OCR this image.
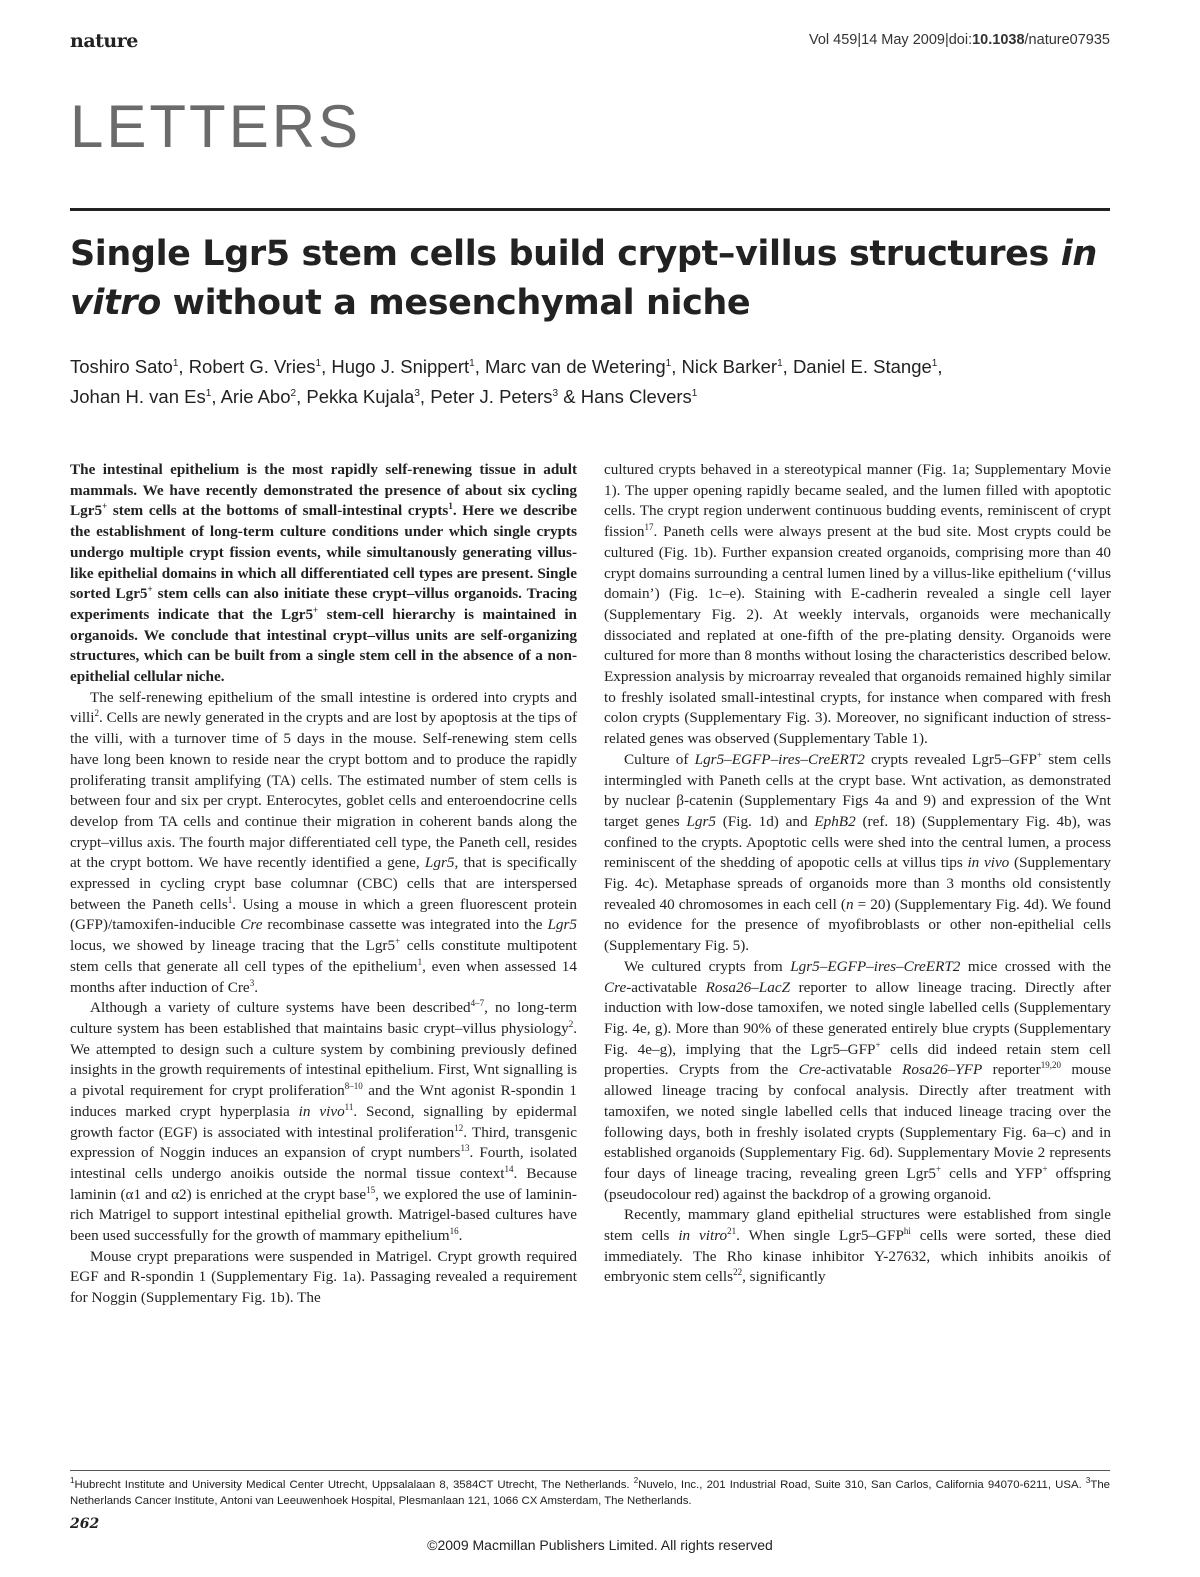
nature	Vol 459|14 May 2009|doi:10.1038/nature07935
LETTERS
Single Lgr5 stem cells build crypt–villus structures in vitro without a mesenchymal niche
Toshiro Sato$^1$, Robert G. Vries$^1$, Hugo J. Snippert$^1$, Marc van de Wetering$^1$, Nick Barker$^1$, Daniel E. Stange$^1$,
Johan H. van Es$^1$, Arie Abo$^2$, Pekka Kujala$^3$, Peter J. Peters$^3$ & Hans Clevers$^1$

The intestinal epithelium is the most rapidly self-renewing tissue in adult mammals. We have recently demonstrated the presence of about six cycling Lgr5+ stem cells at the bottoms of small-intestinal crypts$^1$. Here we describe the establishment of long-term culture conditions under which single crypts undergo multiple crypt fission events, while simultanously generating villus-like epithelial domains in which all differentiated cell types are present. Single sorted Lgr5+ stem cells can also initiate these crypt–villus organoids. Tracing experiments indicate that the Lgr5+ stem-cell hierarchy is maintained in organoids. We conclude that intestinal crypt–villus units are self-organizing structures, which can be built from a single stem cell in the absence of a non-epithelial cellular niche.

The self-renewing epithelium of the small intestine is ordered into crypts and villi$^2$. Cells are newly generated in the crypts and are lost by apoptosis at the tips of the villi, with a turnover time of 5 days in the mouse. Self-renewing stem cells have long been known to reside near the crypt bottom and to produce the rapidly proliferating transit amplifying (TA) cells. The estimated number of stem cells is between four and six per crypt. Enterocytes, goblet cells and enteroendocrine cells develop from TA cells and continue their migration in coherent bands along the crypt–villus axis. The fourth major differentiated cell type, the Paneth cell, resides at the crypt bottom. We have recently identified a gene, Lgr5, that is specifically expressed in cycling crypt base columnar (CBC) cells that are interspersed between the Paneth cells$^1$. Using a mouse in which a green fluorescent protein (GFP)/tamoxifen-inducible Cre recombinase cassette was integrated into the Lgr5 locus, we showed by lineage tracing that the Lgr5+ cells constitute multipotent stem cells that generate all cell types of the epithelium$^1$, even when assessed 14 months after induction of Cre$^3$.

Although a variety of culture systems have been described$^{4-7}$, no long-term culture system has been established that maintains basic crypt–villus physiology$^2$. We attempted to design such a culture system by combining previously defined insights in the growth requirements of intestinal epithelium. First, Wnt signalling is a pivotal requirement for crypt proliferation$^{8-10}$ and the Wnt agonist R-spondin 1 induces marked crypt hyperplasia in vivo$^{11}$. Second, signalling by epidermal growth factor (EGF) is associated with intestinal proliferation$^{12}$. Third, transgenic expression of Noggin induces an expansion of crypt numbers$^{13}$. Fourth, isolated intestinal cells undergo anoikis outside the normal tissue context$^{14}$. Because laminin (α1 and α2) is enriched at the crypt base$^{15}$, we explored the use of laminin-rich Matrigel to support intestinal epithelial growth. Matrigel-based cultures have been used successfully for the growth of mammary epithelium$^{16}$.

Mouse crypt preparations were suspended in Matrigel. Crypt growth required EGF and R-spondin 1 (Supplementary Fig. 1a). Passaging revealed a requirement for Noggin (Supplementary Fig. 1b). The

cultured crypts behaved in a stereotypical manner (Fig. 1a; Supplementary Movie 1). The upper opening rapidly became sealed, and the lumen filled with apoptotic cells. The crypt region underwent continuous budding events, reminiscent of crypt fission$^{17}$. Paneth cells were always present at the bud site. Most crypts could be cultured (Fig. 1b). Further expansion created organoids, comprising more than 40 crypt domains surrounding a central lumen lined by a villus-like epithelium (‘villus domain’) (Fig. 1c–e). Staining with E-cadherin revealed a single cell layer (Supplementary Fig. 2). At weekly intervals, organoids were mechanically dissociated and replated at one-fifth of the pre-plating density. Organoids were cultured for more than 8 months without losing the characteristics described below. Expression analysis by microarray revealed that organoids remained highly similar to freshly isolated small-intestinal crypts, for instance when compared with fresh colon crypts (Supplementary Fig. 3). Moreover, no significant induction of stress-related genes was observed (Supplementary Table 1).

Culture of Lgr5–EGFP–ires–CreERT2 crypts revealed Lgr5–GFP+ stem cells intermingled with Paneth cells at the crypt base. Wnt activation, as demonstrated by nuclear β-catenin (Supplementary Figs 4a and 9) and expression of the Wnt target genes Lgr5 (Fig. 1d) and EphB2 (ref. 18) (Supplementary Fig. 4b), was confined to the crypts. Apoptotic cells were shed into the central lumen, a process reminiscent of the shedding of apopotic cells at villus tips in vivo (Supplementary Fig. 4c). Metaphase spreads of organoids more than 3 months old consistently revealed 40 chromosomes in each cell (n = 20) (Supplementary Fig. 4d). We found no evidence for the presence of myofibroblasts or other non-epithelial cells (Supplementary Fig. 5).

We cultured crypts from Lgr5–EGFP–ires–CreERT2 mice crossed with the Cre-activatable Rosa26–LacZ reporter to allow lineage tracing. Directly after induction with low-dose tamoxifen, we noted single labelled cells (Supplementary Fig. 4e, g). More than 90% of these generated entirely blue crypts (Supplementary Fig. 4e–g), implying that the Lgr5–GFP+ cells did indeed retain stem cell properties. Crypts from the Cre-activatable Rosa26–YFP reporter$^{19,20}$ mouse allowed lineage tracing by confocal analysis. Directly after treatment with tamoxifen, we noted single labelled cells that induced lineage tracing over the following days, both in freshly isolated crypts (Supplementary Fig. 6a–c) and in established organoids (Supplementary Fig. 6d). Supplementary Movie 2 represents four days of lineage tracing, revealing green Lgr5+ cells and YFP+ offspring (pseudocolour red) against the backdrop of a growing organoid.

Recently, mammary gland epithelial structures were established from single stem cells in vitro$^{21}$. When single $Lgr5-GFP^{hi}$ cells were sorted, these died immediately. The Rho kinase inhibitor Y-27632, which inhibits anoikis of embryonic stem cells$^{22}$, significantly

$^1$Hubrecht Institute and University Medical Center Utrecht, Uppsalalaan 8, 3584CT Utrecht, The Netherlands. $^2$Nuvelo, Inc., 201 Industrial Road, Suite 310, San Carlos, California 94070-6211, USA. $^3$The Netherlands Cancer Institute, Antoni van Leeuwenhoek Hospital, Plesmanlaan 121, 1066 CX Amsterdam, The Netherlands.
262
©2009 Macmillan Publishers Limited. All rights reserved
